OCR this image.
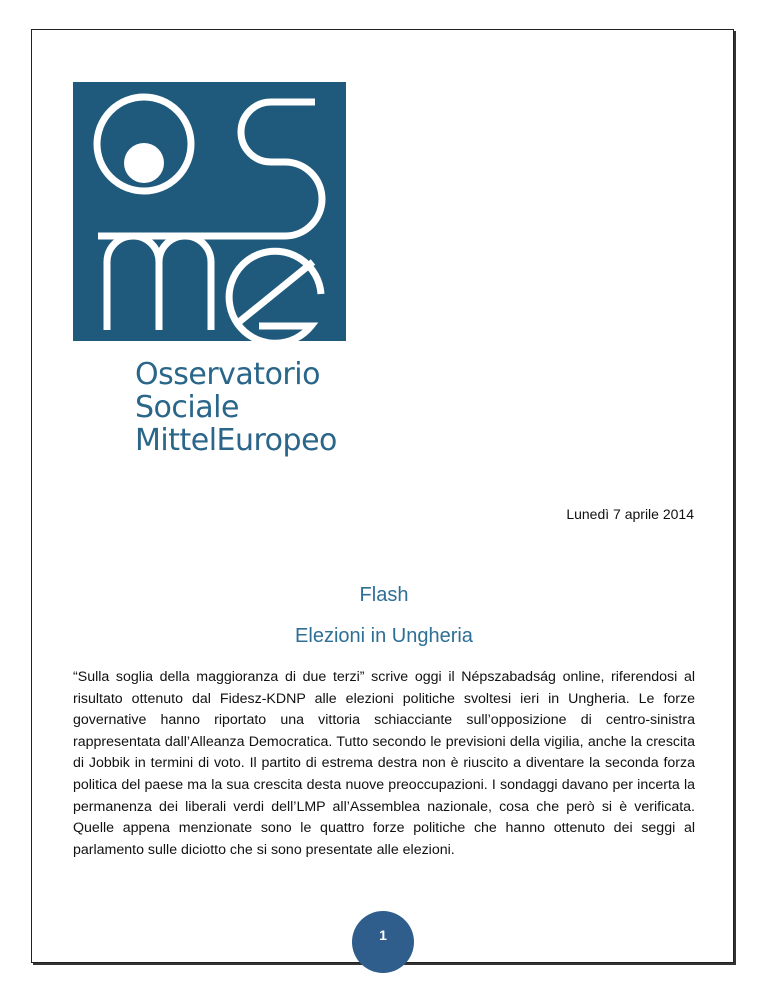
Osservatorio
Sociale
MittelEuropeo
Lunedì 7 aprile 2014
Flash
Elezioni in Ungheria
“Sulla soglia della maggioranza di due terzi” scrive oggi il Népszabadság online, riferendosi al risultato ottenuto dal Fidesz-KDNP alle elezioni politiche svoltesi ieri in Ungheria. Le forze governative hanno riportato una vittoria schiacciante sull’opposizione di centro-sinistra rappresentata dall’Alleanza Democratica. Tutto secondo le previsioni della vigilia, anche la crescita di Jobbik in termini di voto. Il partito di estrema destra non è riuscito a diventare la seconda forza politica del paese ma la sua crescita desta nuove preoccupazioni. I sondaggi davano per incerta la permanenza dei liberali verdi dell’LMP all’Assemblea nazionale, cosa che però si è verificata. Quelle appena menzionate sono le quattro forze politiche che hanno ottenuto dei seggi al parlamento sulle diciotto che si sono presentate alle elezioni.
1
